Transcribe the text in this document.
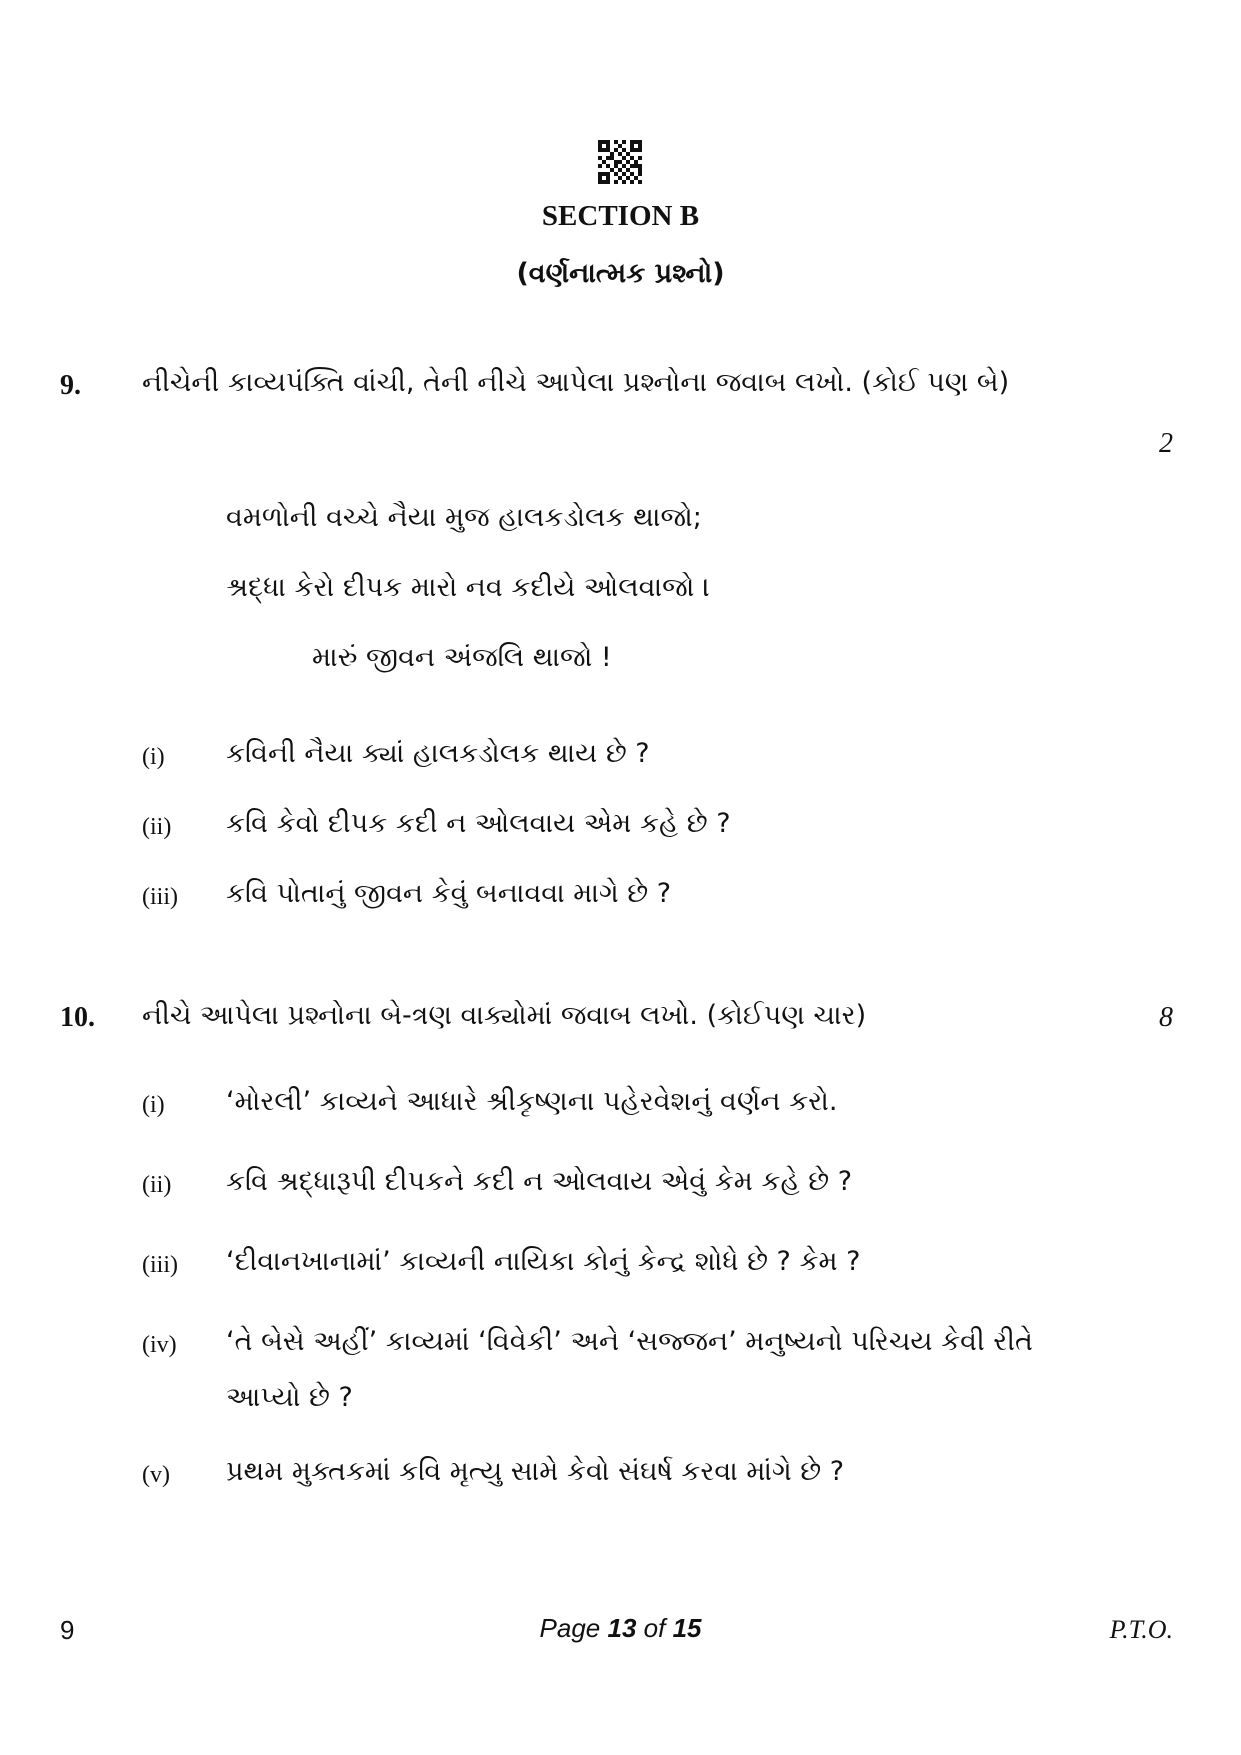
SECTION B
(વર્ણનાત્મક પ્રશ્નો)
9. નીચેની કાવ્યપંક્તિ વાંચી, તેની નીચે આપેલા પ્રશ્નોના જવાબ લખો. (કોઈ પણ બે)
2
વમળોની વચ્ચે નૈયા મુજ હાલકડોલક થાજો;
શ્રદ્ધા કેરો દીપક મારો નવ કદીયે ઓલવાજો ।
મારું જીવન અંજલિ થાજો !
(i) કવિની નૈયા ક્યાં હાલકડોલક થાય છે ?
(ii) કવિ કેવો દીપક કદી ન ઓલવાય એમ કહે છે ?
(iii) કવિ પોતાનું જીવન કેવું બનાવવા માગે છે ?
10. નીચે આપેલા પ્રશ્નોના બે-ત્રણ વાક્યોમાં જવાબ લખો. (કોઈપણ ચાર)	8
(i) ‘મોરલી’ કાવ્યને આધારે શ્રીકૃષ્ણના પહેરવેશનું વર્ણન કરો.
(ii) કવિ શ્રદ્ધારૂપી દીપકને કદી ન ઓલવાય એવું કેમ કહે છે ?
(iii) ‘દીવાનખાનામાં’ કાવ્યની નાયિકા કોનું કેન્દ્ર શોધે છે ? કેમ ?
(iv) ‘તે બેસે અહીં’ કાવ્યમાં ‘વિવેકી’ અને ‘સજ્જન’ મનુષ્યનો પરિચય કેવી રીતે આપ્યો છે ?
(v) પ્રથમ મુક્તકમાં કવિ મૃત્યુ સામે કેવો સંઘર્ષ કરવા માંગે છે ?
9	Page 13 of 15	P.T.O.
